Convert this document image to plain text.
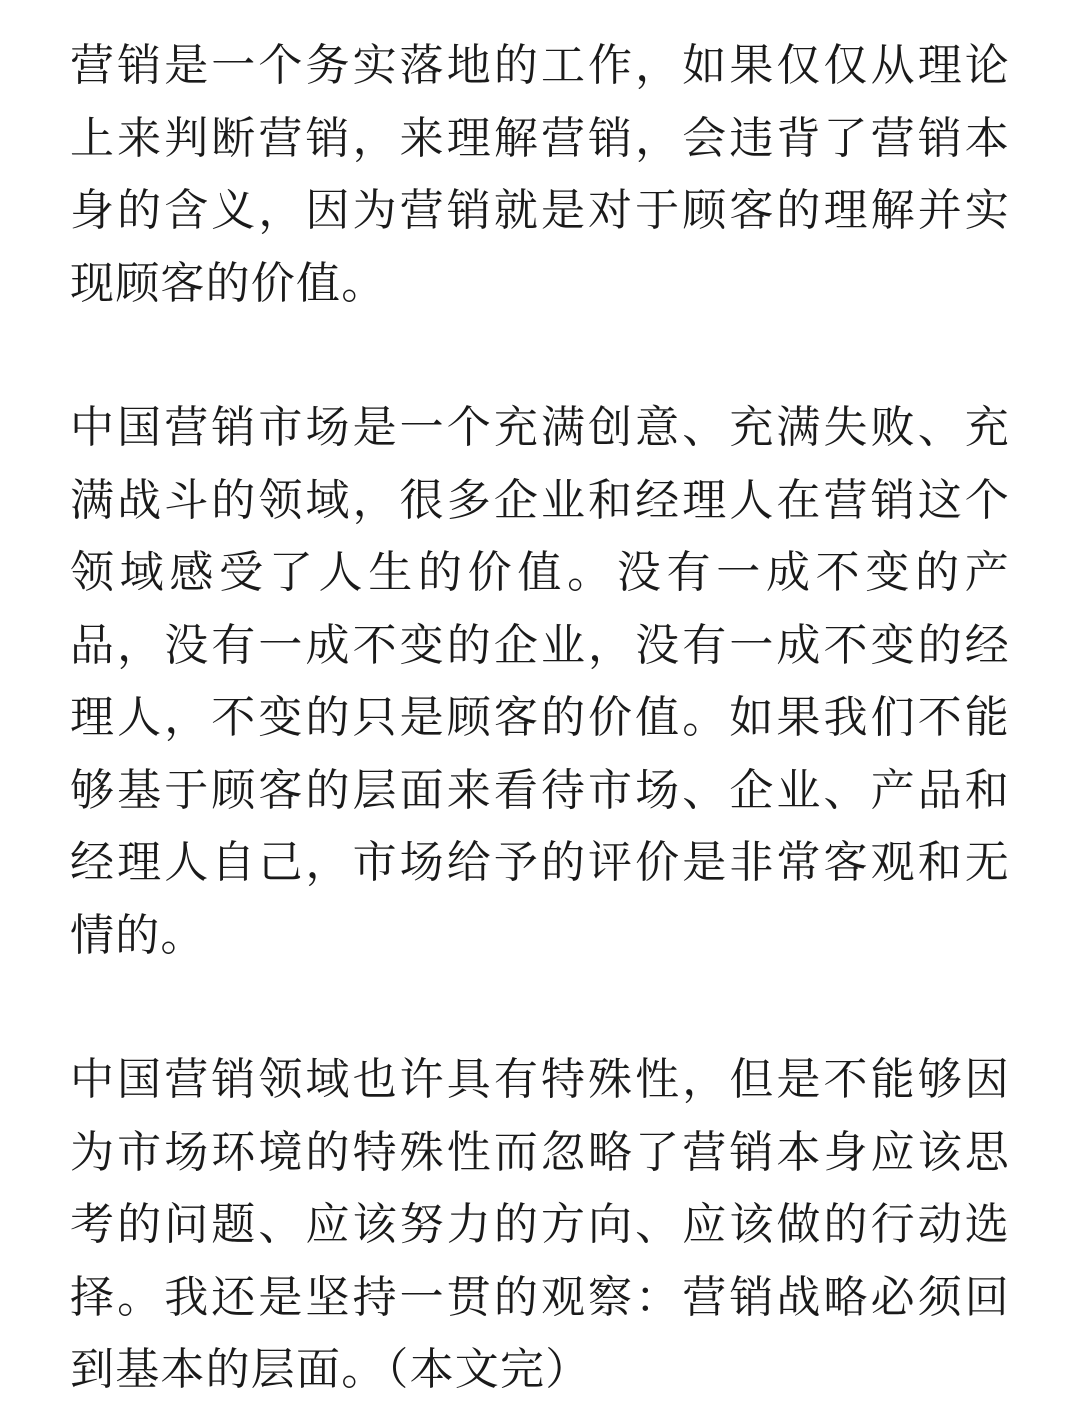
营销是一个务实落地的工作，如果仅仅从理论上来判断营销，来理解营销，会违背了营销本身的含义，因为营销就是对于顾客的理解并实现顾客的价值。

中国营销市场是一个充满创意、充满失败、充满战斗的领域，很多企业和经理人在营销这个领域感受了人生的价值。没有一成不变的产品，没有一成不变的企业，没有一成不变的经理人，不变的只是顾客的价值。如果我们不能够基于顾客的层面来看待市场、企业、产品和经理人自己，市场给予的评价是非常客观和无情的。

中国营销领域也许具有特殊性，但是不能够因为市场环境的特殊性而忽略了营销本身应该思考的问题、应该努力的方向、应该做的行动选择。我还是坚持一贯的观察：营销战略必须回到基本的层面。（本文完）
